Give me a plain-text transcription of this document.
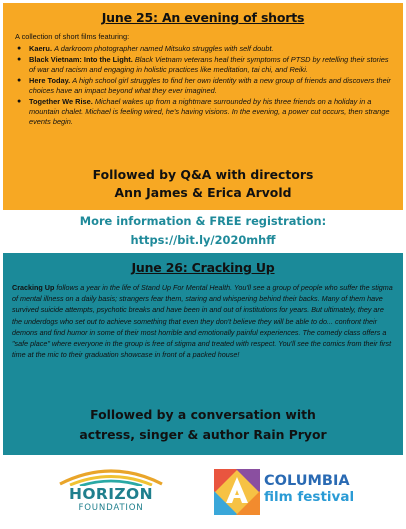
June 25: An evening of shorts

A collection of short films featuring:

● Kaeru. A darkroom photographer named Mitsuko struggles with self doubt.
● Black Vietnam: Into the Light. Black Vietnam veterans heal their symptoms of PTSD by retelling their stories of war and racism and engaging in holistic practices like meditation, tai chi, and Reiki.
● Here Today. A high school girl struggles to find her own identity with a new group of friends and discovers their choices have an impact beyond what they ever imagined.
● Together We Rise. Michael wakes up from a nightmare surrounded by his three friends on a holiday in a mountain chalet. Michael is feeling wired, he's having visions. In the evening, a power cut occurs, then strange events begin.
Followed by Q&A with directors
Ann James & Erica Arvold
More information & FREE registration:
https://bit.ly/2020mhff
June 26: Cracking Up

Cracking Up follows a year in the life of Stand Up For Mental Health. You'll see a group of people who suffer the stigma of mental illness on a daily basis; strangers fear them, staring and whispering behind their backs. Many of them have survived suicide attempts, psychotic breaks and have been in and out of institutions for years. But ultimately, they are the underdogs who set out to achieve something that even they don't believe they will be able to do... confront their demons and find humor in some of their most horrible and emotionally painful experiences. The comedy class offers a "safe place" where everyone in the group is free of stigma and treated with respect. You'll see the comics from their first time at the mic to their graduation showcase in front of a packed house!

Followed by a conversation with
actress, singer & author Rain Pryor
HORIZON
FOUNDATION
COLUMBIA
film festival
